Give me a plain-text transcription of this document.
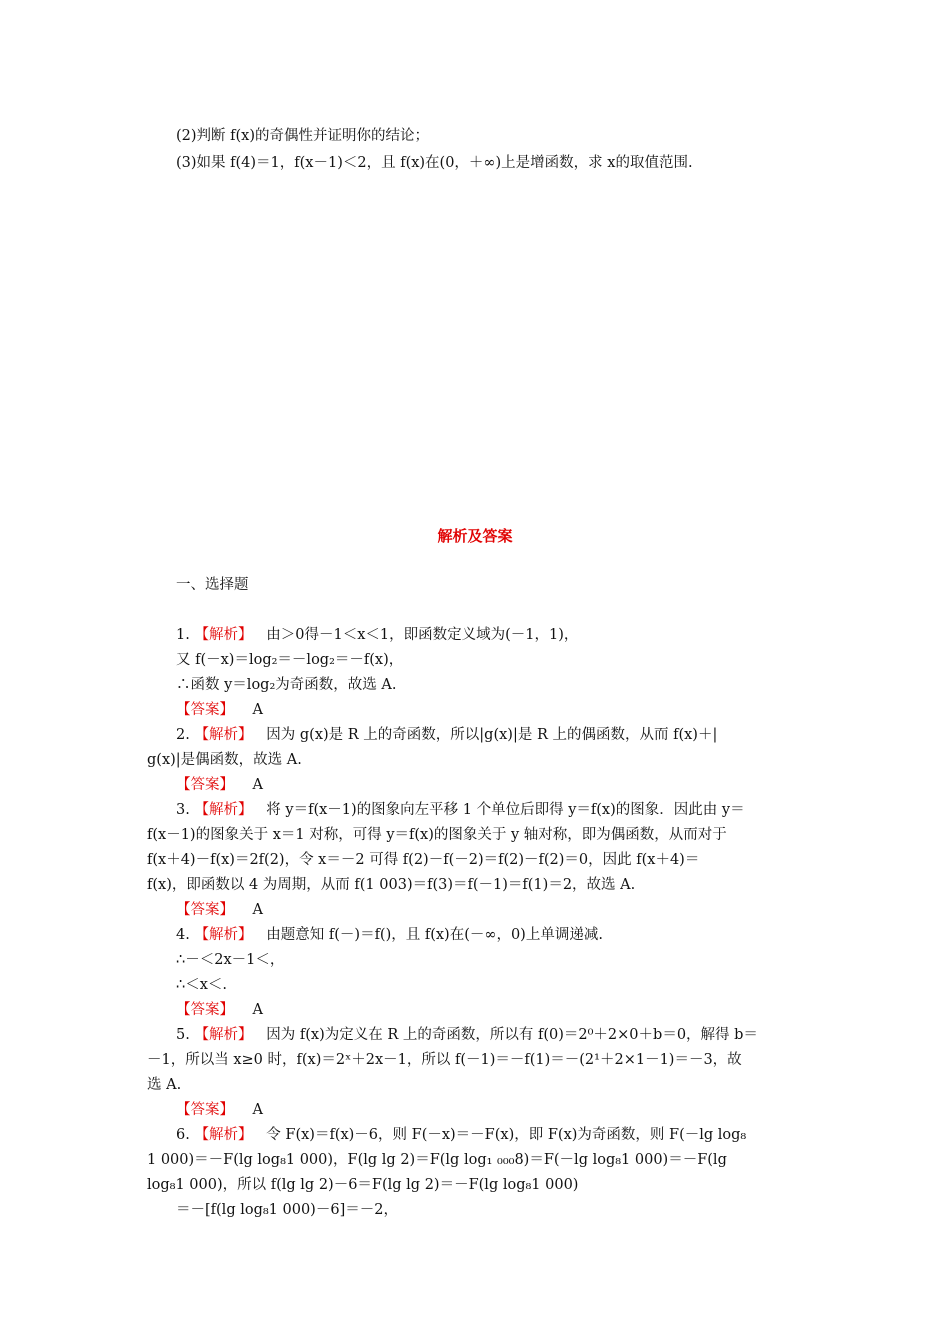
(2)判断 f(x)的奇偶性并证明你的结论；
(3)如果 f(4)＝1，f(x－1)＜2，且 f(x)在(0，＋∞)上是增函数，求 x的取值范围.
解析及答案
一、选择题
1. 【解析】 由＞0得－1＜x＜1，即函数定义域为(－1，1)，
又 f(－x)＝log₂＝－log₂＝－f(x)，
∴函数 y＝log₂为奇函数，故选 A.
【答案】 A
2. 【解析】 因为 g(x)是 R 上的奇函数，所以|g(x)|是 R 上的偶函数，从而 f(x)＋|
g(x)|是偶函数，故选 A.
【答案】 A
3. 【解析】 将 y＝f(x－1)的图象向左平移 1 个单位后即得 y＝f(x)的图象．因此由 y＝
f(x－1)的图象关于 x＝1 对称，可得 y＝f(x)的图象关于 y 轴对称，即为偶函数，从而对于
f(x＋4)－f(x)＝2f(2)，令 x＝－2 可得 f(2)－f(－2)＝f(2)－f(2)＝0，因此 f(x＋4)＝
f(x)，即函数以 4 为周期，从而 f(1 003)＝f(3)＝f(－1)＝f(1)＝2，故选 A.
【答案】 A
4. 【解析】 由题意知 f(－)＝f()，且 f(x)在(－∞，0)上单调递减.
∴－＜2x－1＜，
∴＜x＜.
【答案】 A
5. 【解析】 因为 f(x)为定义在 R 上的奇函数，所以有 f(0)＝2⁰＋2×0＋b＝0，解得 b＝
－1，所以当 x≥0 时，f(x)＝2ˣ＋2x－1，所以 f(－1)＝－f(1)＝－(2¹＋2×1－1)＝－3，故
选 A.
【答案】 A
6. 【解析】 令 F(x)＝f(x)－6，则 F(－x)＝－F(x)，即 F(x)为奇函数，则 F(－lg log₈
1 000)＝－F(lg log₈1 000)，F(lg lg 2)＝F(lg log₁ ₀₀₀8)＝F(－lg log₈1 000)＝－F(lg
log₈1 000)，所以 f(lg lg 2)－6＝F(lg lg 2)＝－F(lg log₈1 000)
＝－[f(lg log₈1 000)－6]＝－2，
